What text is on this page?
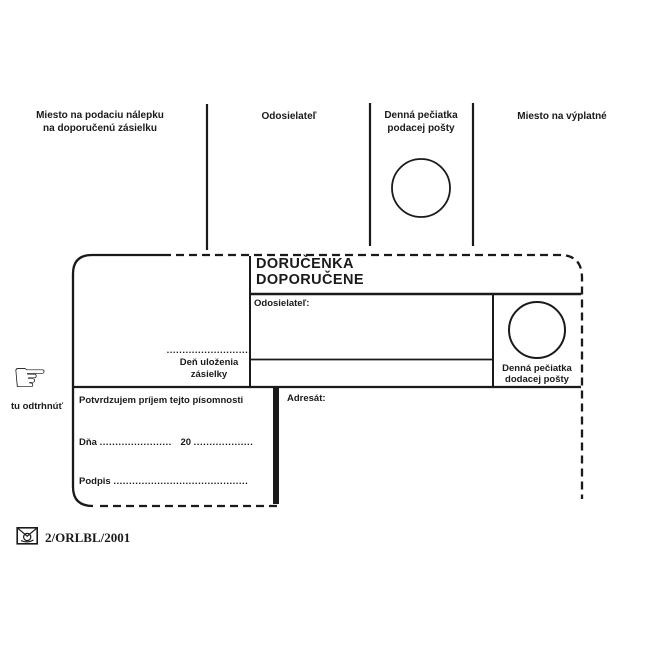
Miesto na podaciu nálepku
na doporučenú zásielku
Odosielateľ	Denná pečiatka
podacej pošty
Miesto na výplatné
DORUČENKA
DOPORUČENE
Odosielateľ:
...........................
Deň uloženia
zásielky	Denná pečiatka
dodacej pošty
Potvrdzujem príjem tejto písomnosti
Dňa ....................... 20 ...................
Podpis ...........................................
Adresát:
☞
tu odtrhnúť
2/ORLBL/2001
